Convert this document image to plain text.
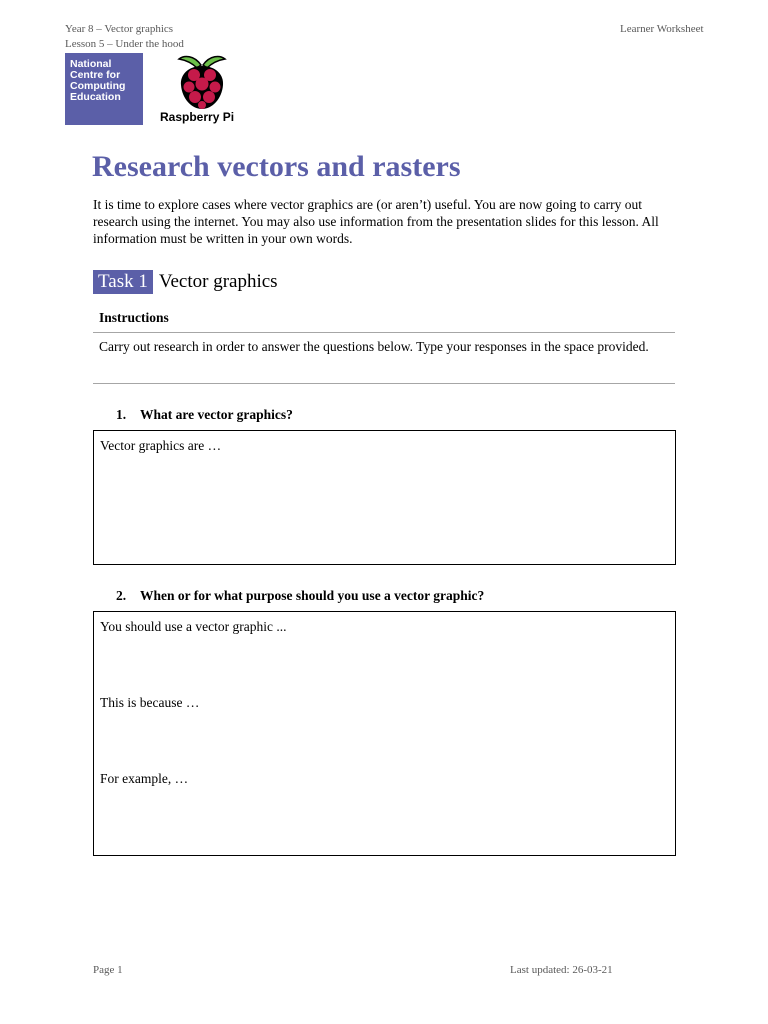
Year 8 – Vector graphics
Lesson 5 – Under the hood
Learner Worksheet
National
Centre for
Computing
Education
Raspberry Pi
Research vectors and rasters
It is time to explore cases where vector graphics are (or aren’t) useful. You are now going to carry out research using the internet. You may also use information from the presentation slides for this lesson. All information must be written in your own words.
Task 1 Vector graphics
Instructions
Carry out research in order to answer the questions below. Type your responses in the space provided.
1. What are vector graphics?
Vector graphics are …
2. When or for what purpose should you use a vector graphic?
You should use a vector graphic ...
This is because …
For example, …
Page 1	Last updated: 26-03-21
